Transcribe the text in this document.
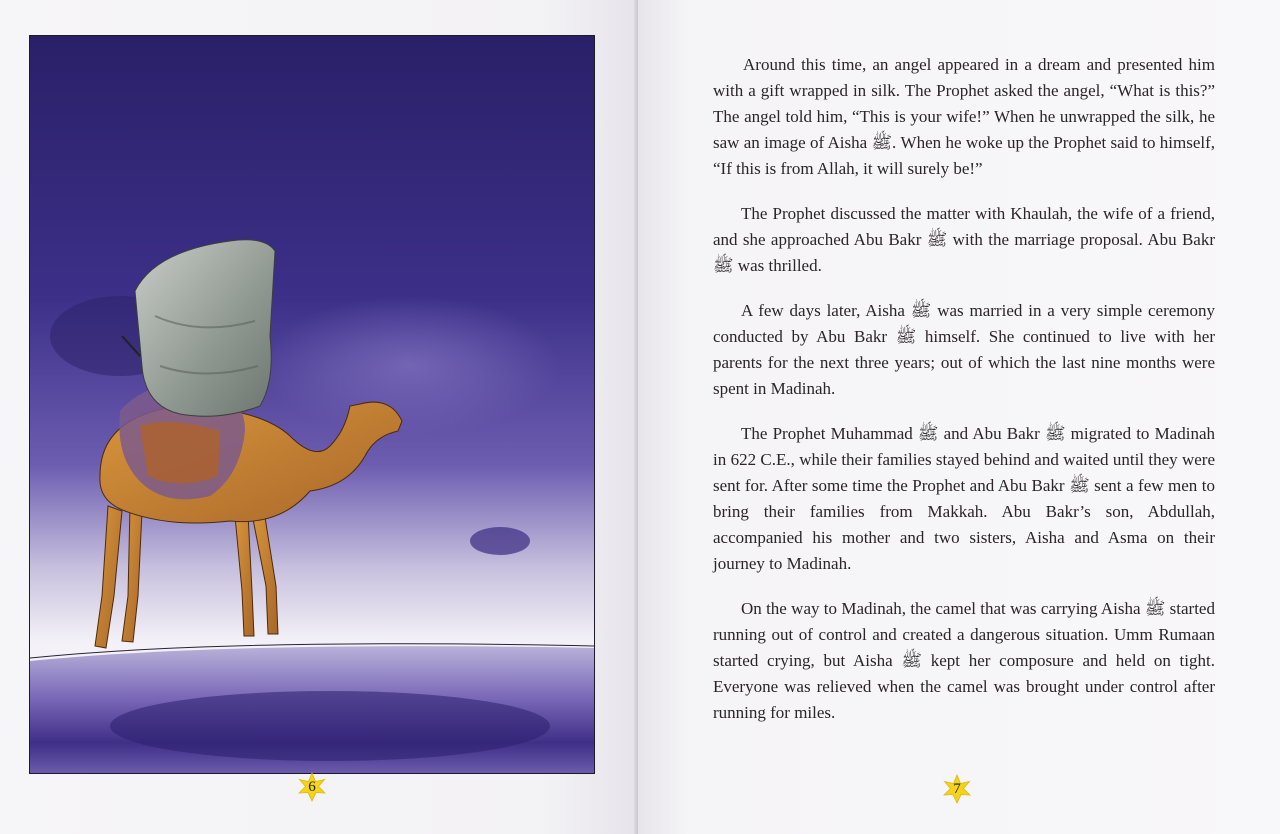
6

Around this time, an angel appeared in a dream and presented him with a gift wrapped in silk. The Prophet asked the angel, “What is this?” The angel told him, “This is your wife!” When he unwrapped the silk, he saw an image of Aisha ﷺ. When he woke up the Prophet said to himself, “If this is from Allah, it will surely be!”

The Prophet discussed the matter with Khaulah, the wife of a friend, and she approached Abu Bakr ﷺ with the marriage proposal. Abu Bakr ﷺ was thrilled.

A few days later, Aisha ﷺ was married in a very simple ceremony conducted by Abu Bakr ﷺ himself. She continued to live with her parents for the next three years; out of which the last nine months were spent in Madinah.

The Prophet Muhammad ﷺ and Abu Bakr ﷺ migrated to Madinah in 622 C.E., while their families stayed behind and waited until they were sent for. After some time the Prophet and Abu Bakr ﷺ sent a few men to bring their families from Makkah. Abu Bakr’s son, Abdullah, accompanied his mother and two sisters, Aisha and Asma on their journey to Madinah.

On the way to Madinah, the camel that was carrying Aisha ﷺ started running out of control and created a dangerous situation. Umm Rumaan started crying, but Aisha ﷺ kept her composure and held on tight. Everyone was relieved when the camel was brought under control after running for miles.

7
